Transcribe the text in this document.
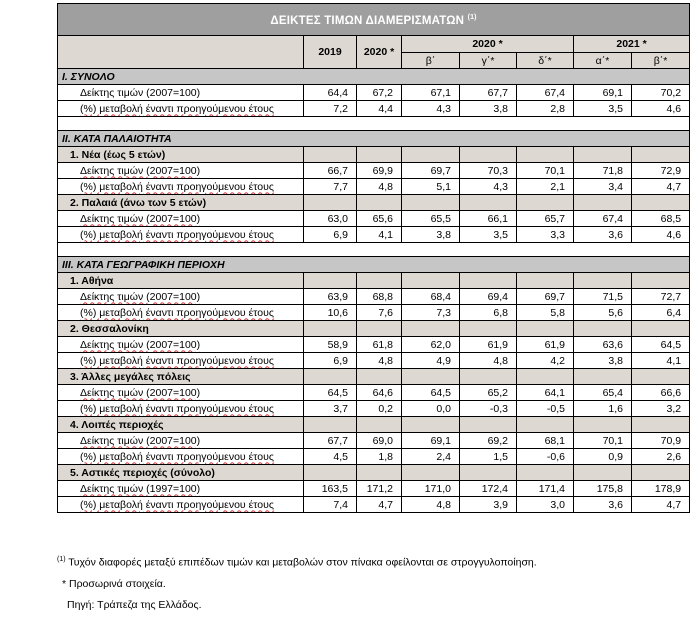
ΔΕΙΚΤΕΣ ΤΙΜΩΝ ΔΙΑΜΕΡΙΣΜΑΤΩΝ $^{(1)}$
	2019	2020 *	2020 *			2021 *	
			β΄	γ΄*	δ΄*	α΄*	β΄*
I. ΣΥΝΟΛΟ							
Δείκτης τιμών (2007=100)	64,4	67,2	67,1	67,7	67,4	69,1	70,2
(%) μεταβολή έναντι προηγούμενου έτους	7,2	4,4	4,3	3,8	2,8	3,5	4,6

II. ΚΑΤΑ ΠΑΛΑΙΟΤΗΤΑ							
1. Νέα (έως 5 ετών)							
Δείκτης τιμών (2007=100)	66,7	69,9	69,7	70,3	70,1	71,8	72,9
(%) μεταβολή έναντι προηγούμενου έτους	7,7	4,8	5,1	4,3	2,1	3,4	4,7
2. Παλαιά (άνω των 5 ετών)							
Δείκτης τιμών (2007=100)	63,0	65,6	65,5	66,1	65,7	67,4	68,5
(%) μεταβολή έναντι προηγούμενου έτους	6,9	4,1	3,8	3,5	3,3	3,6	4,6

III. ΚΑΤΑ ΓΕΩΓΡΑΦΙΚΗ ΠΕΡΙΟΧΗ							
1. Αθήνα							
Δείκτης τιμών (2007=100)	63,9	68,8	68,4	69,4	69,7	71,5	72,7
(%) μεταβολή έναντι προηγούμενου έτους	10,6	7,6	7,3	6,8	5,8	5,6	6,4
2. Θεσσαλονίκη							
Δείκτης τιμών (2007=100)	58,9	61,8	62,0	61,9	61,9	63,6	64,5
(%) μεταβολή έναντι προηγούμενου έτους	6,9	4,8	4,9	4,8	4,2	3,8	4,1
3. Άλλες μεγάλες πόλεις							
Δείκτης τιμών (2007=100)	64,5	64,6	64,5	65,2	64,1	65,4	66,6
(%) μεταβολή έναντι προηγούμενου έτους	3,7	0,2	0,0	-0,3	-0,5	1,6	3,2
4. Λοιπές περιοχές							
Δείκτης τιμών (2007=100)	67,7	69,0	69,1	69,2	68,1	70,1	70,9
(%) μεταβολή έναντι προηγούμενου έτους	4,5	1,8	2,4	1,5	-0,6	0,9	2,6
5. Αστικές περιοχές (σύνολο)							
Δείκτης τιμών (1997=100)	163,5	171,2	171,0	172,4	171,4	175,8	178,9
(%) μεταβολή έναντι προηγούμενου έτους	7,4	4,7	4,8	3,9	3,0	3,6	4,7

$^{(1)}$ Τυχόν διαφορές μεταξύ επιπέδων τιμών και μεταβολών στον πίνακα οφείλονται σε στρογγυλοποίηση.

* Προσωρινά στοιχεία.

Πηγή: Τράπεζα της Ελλάδος.
